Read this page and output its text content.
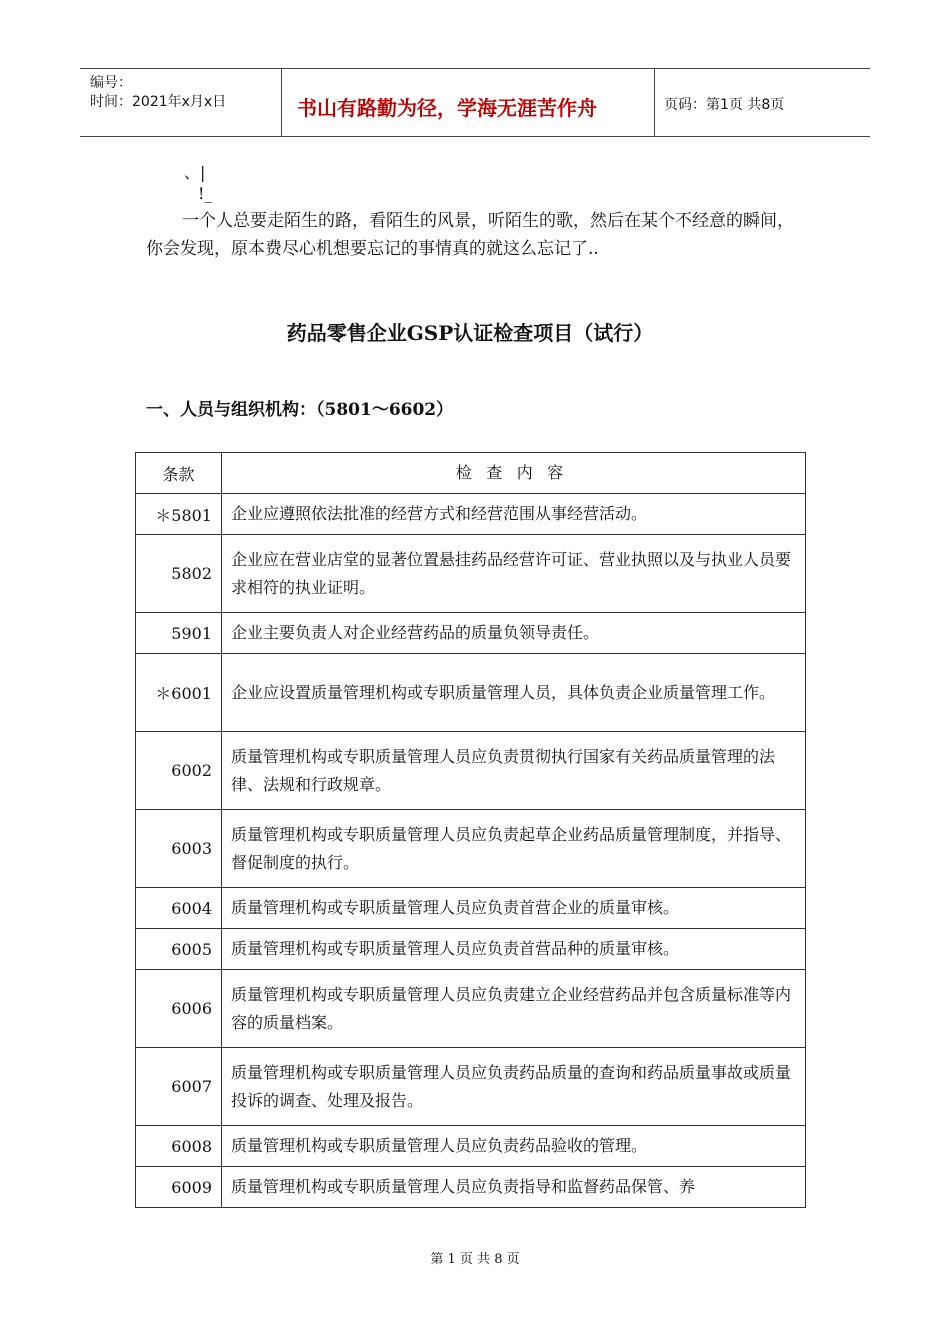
编号：
时间：2021年x月x日	书山有路勤为径，学海无涯苦作舟	页码：第1页 共8页
、|
!_
一个人总要走陌生的路，看陌生的风景，听陌生的歌，然后在某个不经意的瞬间，你会发现，原本费尽心机想要忘记的事情真的就这么忘记了..
药品零售企业GSP认证检查项目（试行）
一、人员与组织机构：（5801～6602）
条款	检查内容
＊5801	企业应遵照依法批准的经营方式和经营范围从事经营活动。
5802	企业应在营业店堂的显著位置悬挂药品经营许可证、营业执照以及与执业人员要求相符的执业证明。
5901	企业主要负责人对企业经营药品的质量负领导责任。
＊6001	企业应设置质量管理机构或专职质量管理人员，具体负责企业质量管理工作。
6002	质量管理机构或专职质量管理人员应负责贯彻执行国家有关药品质量管理的法律、法规和行政规章。
6003	质量管理机构或专职质量管理人员应负责起草企业药品质量管理制度，并指导、督促制度的执行。
6004	质量管理机构或专职质量管理人员应负责首营企业的质量审核。
6005	质量管理机构或专职质量管理人员应负责首营品种的质量审核。
6006	质量管理机构或专职质量管理人员应负责建立企业经营药品并包含质量标准等内容的质量档案。
6007	质量管理机构或专职质量管理人员应负责药品质量的查询和药品质量事故或质量投诉的调查、处理及报告。
6008	质量管理机构或专职质量管理人员应负责药品验收的管理。
6009	质量管理机构或专职质量管理人员应负责指导和监督药品保管、养
第 1 页 共 8 页
